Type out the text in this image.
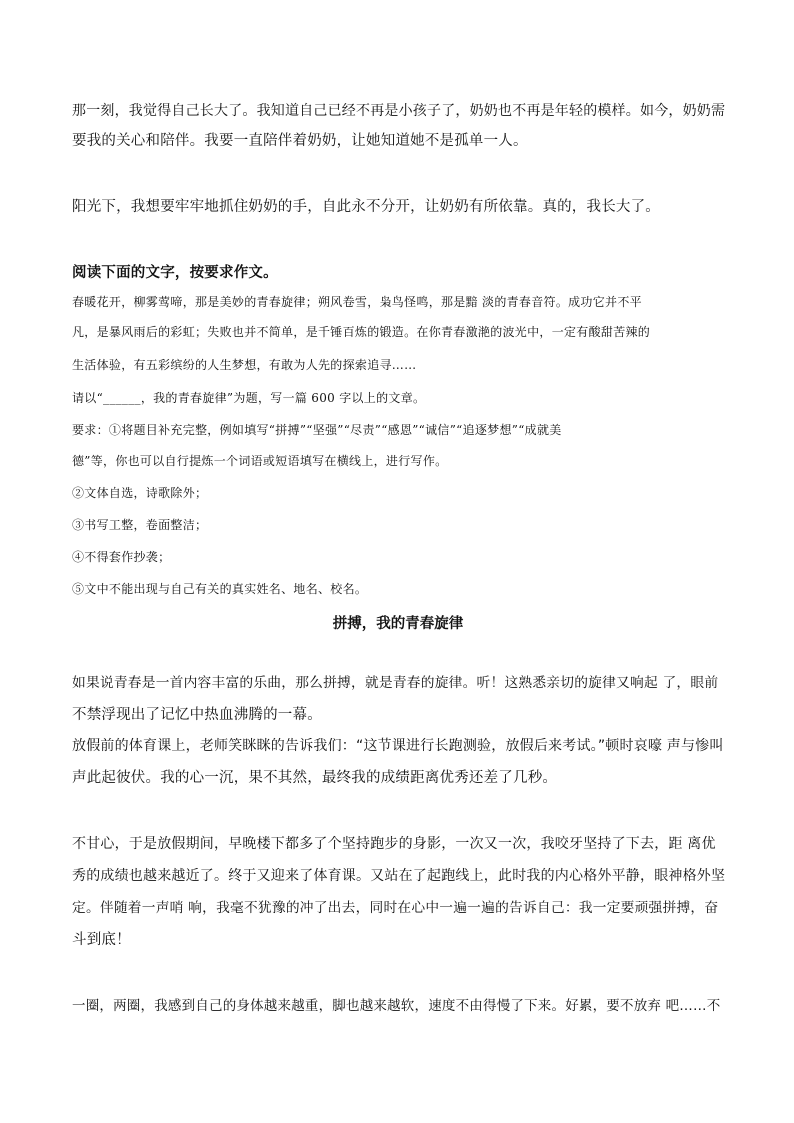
那一刻，我觉得自己长大了。我知道自己已经不再是小孩子了，奶奶也不再是年轻的模样。如今，奶奶需
要我的关心和陪伴。我要一直陪伴着奶奶，让她知道她不是孤单一人。
阳光下，我想要牢牢地抓住奶奶的手，自此永不分开，让奶奶有所依靠。真的，我长大了。
阅读下面的文字，按要求作文。
春暖花开，柳雾莺啼，那是美妙的青春旋律；朔风卷雪，枭鸟怪鸣，那是黯 淡的青春音符。成功它并不平
凡，是暴风雨后的彩虹；失败也并不简单，是千锤百炼的锻造。在你青春激滟的波光中，一定有酸甜苦辣的
生活体验，有五彩缤纷的人生梦想，有敢为人先的探索追寻……
请以“______，我的青春旋律”为题，写一篇 600 字以上的文章。
要求：①将题目补充完整，例如填写“拼搏”“坚强”“尽责”“感恩”“诚信”“追逐梦想”“成就美
德”等，你也可以自行提炼一个词语或短语填写在横线上，进行写作。
②文体自选，诗歌除外；
③书写工整，卷面整洁；
④不得套作抄袭；
⑤文中不能出现与自己有关的真实姓名、地名、校名。
拼搏，我的青春旋律
如果说青春是一首内容丰富的乐曲，那么拼搏，就是青春的旋律。听！这熟悉亲切的旋律又响起 了，眼前
不禁浮现出了记忆中热血沸腾的一幕。
放假前的体育课上，老师笑眯眯的告诉我们：“这节课进行长跑测验，放假后来考试。”顿时哀嚎 声与惨叫
声此起彼伏。我的心一沉，果不其然，最终我的成绩距离优秀还差了几秒。
不甘心，于是放假期间，早晚楼下都多了个坚持跑步的身影，一次又一次，我咬牙坚持了下去，距 离优
秀的成绩也越来越近了。终于又迎来了体育课。又站在了起跑线上，此时我的内心格外平静，眼神格外坚
定。伴随着一声哨 响，我毫不犹豫的冲了出去，同时在心中一遍一遍的告诉自己：我一定要顽强拼搏，奋
斗到底！
一圈，两圈，我感到自己的身体越来越重，脚也越来越软，速度不由得慢了下来。好累，要不放弃 吧……不
